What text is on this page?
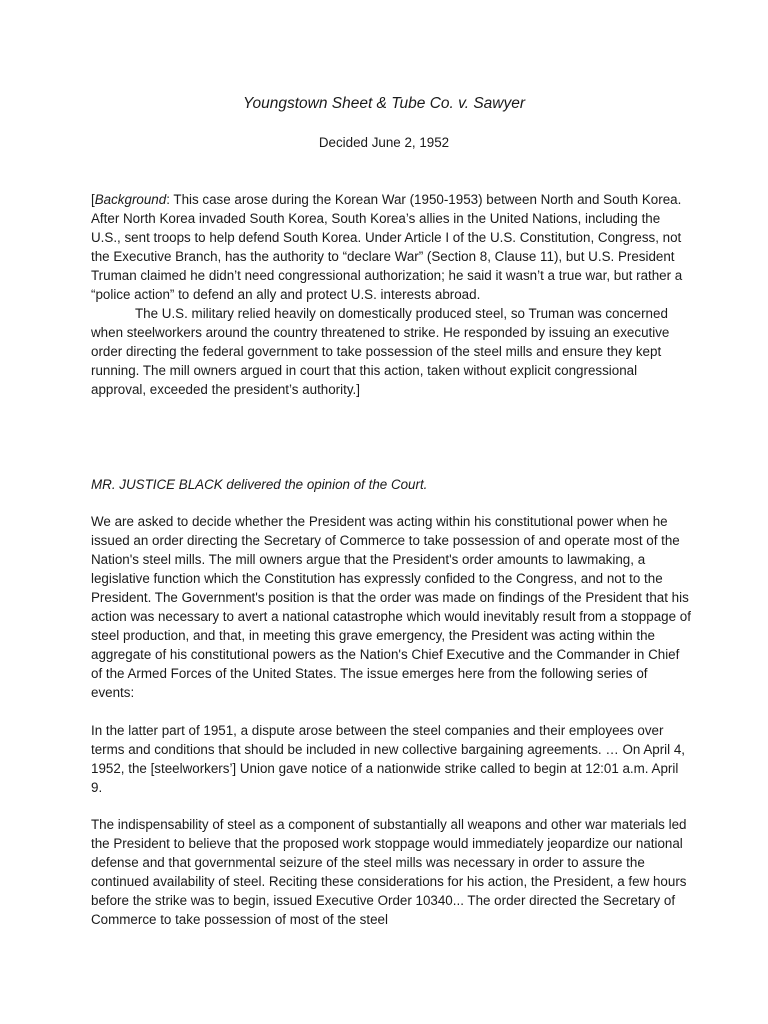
Youngstown Sheet & Tube Co. v. Sawyer
Decided June 2, 1952

[Background: This case arose during the Korean War (1950-1953) between North and South Korea. After North Korea invaded South Korea, South Korea’s allies in the United Nations, including the U.S., sent troops to help defend South Korea. Under Article I of the U.S. Constitution, Congress, not the Executive Branch, has the authority to “declare War” (Section 8, Clause 11), but U.S. President Truman claimed he didn’t need congressional authorization; he said it wasn’t a true war, but rather a “police action” to defend an ally and protect U.S. interests abroad.

The U.S. military relied heavily on domestically produced steel, so Truman was concerned when steelworkers around the country threatened to strike. He responded by issuing an executive order directing the federal government to take possession of the steel mills and ensure they kept running. The mill owners argued in court that this action, taken without explicit congressional approval, exceeded the president’s authority.]

MR. JUSTICE BLACK delivered the opinion of the Court.

We are asked to decide whether the President was acting within his constitutional power when he issued an order directing the Secretary of Commerce to take possession of and operate most of the Nation's steel mills. The mill owners argue that the President's order amounts to lawmaking, a legislative function which the Constitution has expressly confided to the Congress, and not to the President. The Government's position is that the order was made on findings of the President that his action was necessary to avert a national catastrophe which would inevitably result from a stoppage of steel production, and that, in meeting this grave emergency, the President was acting within the aggregate of his constitutional powers as the Nation's Chief Executive and the Commander in Chief of the Armed Forces of the United States. The issue emerges here from the following series of events:

In the latter part of 1951, a dispute arose between the steel companies and their employees over terms and conditions that should be included in new collective bargaining agreements. … On April 4, 1952, the [steelworkers’] Union gave notice of a nationwide strike called to begin at 12:01 a.m. April 9.

The indispensability of steel as a component of substantially all weapons and other war materials led the President to believe that the proposed work stoppage would immediately jeopardize our national defense and that governmental seizure of the steel mills was necessary in order to assure the continued availability of steel. Reciting these considerations for his action, the President, a few hours before the strike was to begin, issued Executive Order 10340... The order directed the Secretary of Commerce to take possession of most of the steel
